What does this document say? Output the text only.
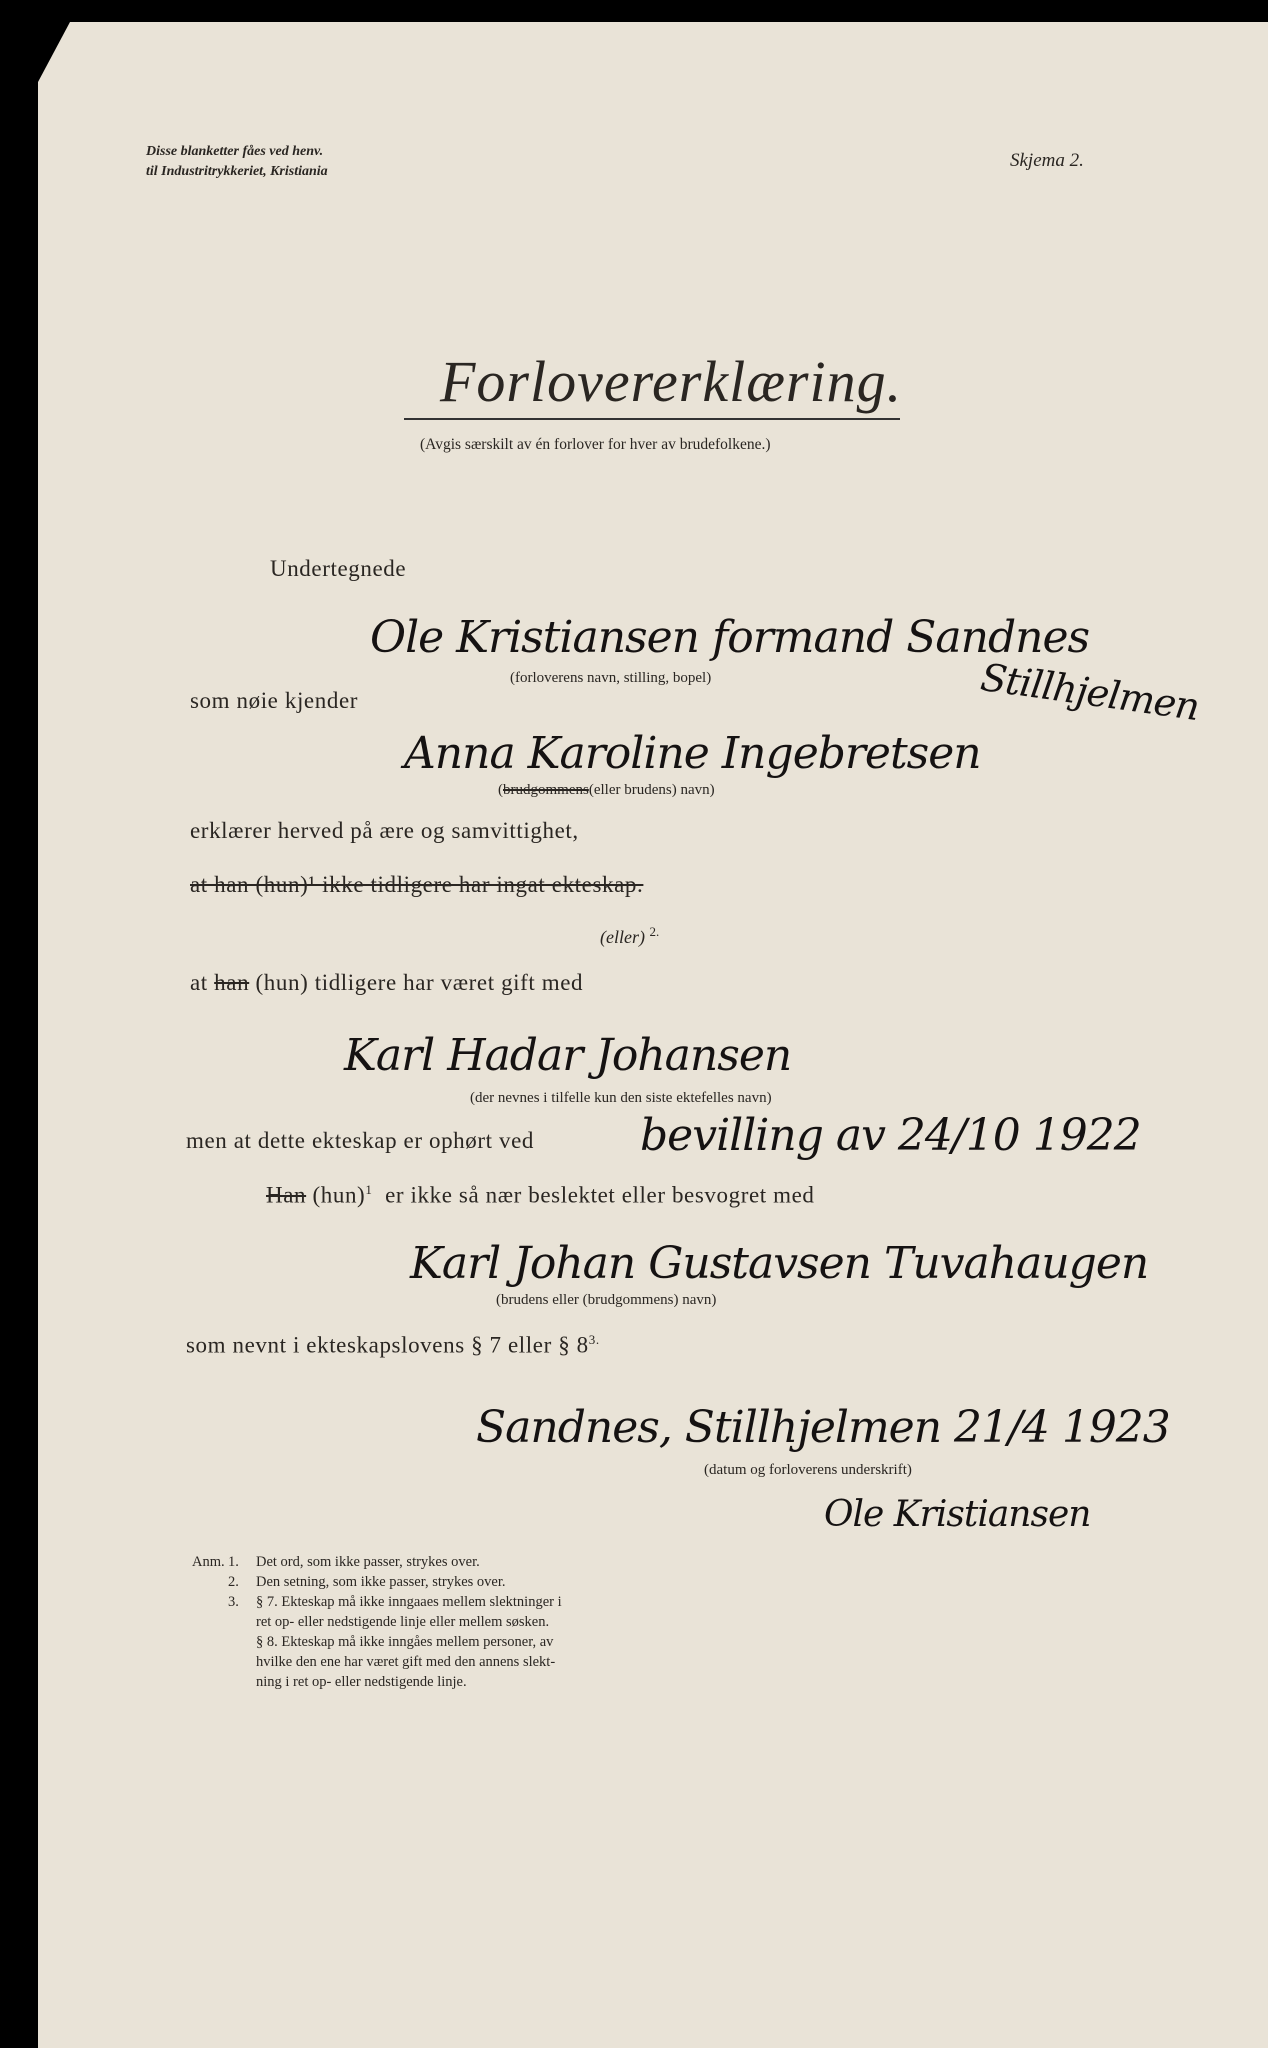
Disse blanketter fåes ved henv.
til Industritrykkeriet, Kristiania
Skjema 2.
Forlovererklæring.
(Avgis særskilt av én forlover for hver av brudefolkene.)
Undertegnede
Ole Kristiansen formand Sandnes
Stillhjelmen
(forloverens navn, stilling, bopel)
som nøie kjender
Anna Karoline Ingebretsen
(brudgommens(eller brudens) navn)
erklærer herved på ære og samvittighet,
at han (hun)¹ ikke tidligere har ingat ekteskap.
(eller) $^{2.}$
at han (hun) tidligere har været gift med
Karl Hadar Johansen
(der nevnes i tilfelle kun den siste ektefelles navn)
men at dette ekteskap er ophørt ved bevilling av 24/10 1922
Han (hun)$^1$ er ikke så nær beslektet eller besvogret med
Karl Johan Gustavsen Tuvahaugen
(brudens eller (brudgommens) navn)
som nevnt i ekteskapslovens § 7 eller § $8^{3.}$
Sandnes, Stillhjelmen 21/4 1923
(datum og forloverens underskrift)
Ole Kristiansen
Anm. 1. Det ord, som ikke passer, strykes over.
2. Den setning, som ikke passer, strykes over.
3. § 7. Ekteskap må ikke inngaaes mellem slektninger i
ret op- eller nedstigende linje eller mellem søsken.
§ 8. Ekteskap må ikke inngåes mellem personer, av
hvilke den ene har været gift med den annens slekt-
ning i ret op- eller nedstigende linje.
